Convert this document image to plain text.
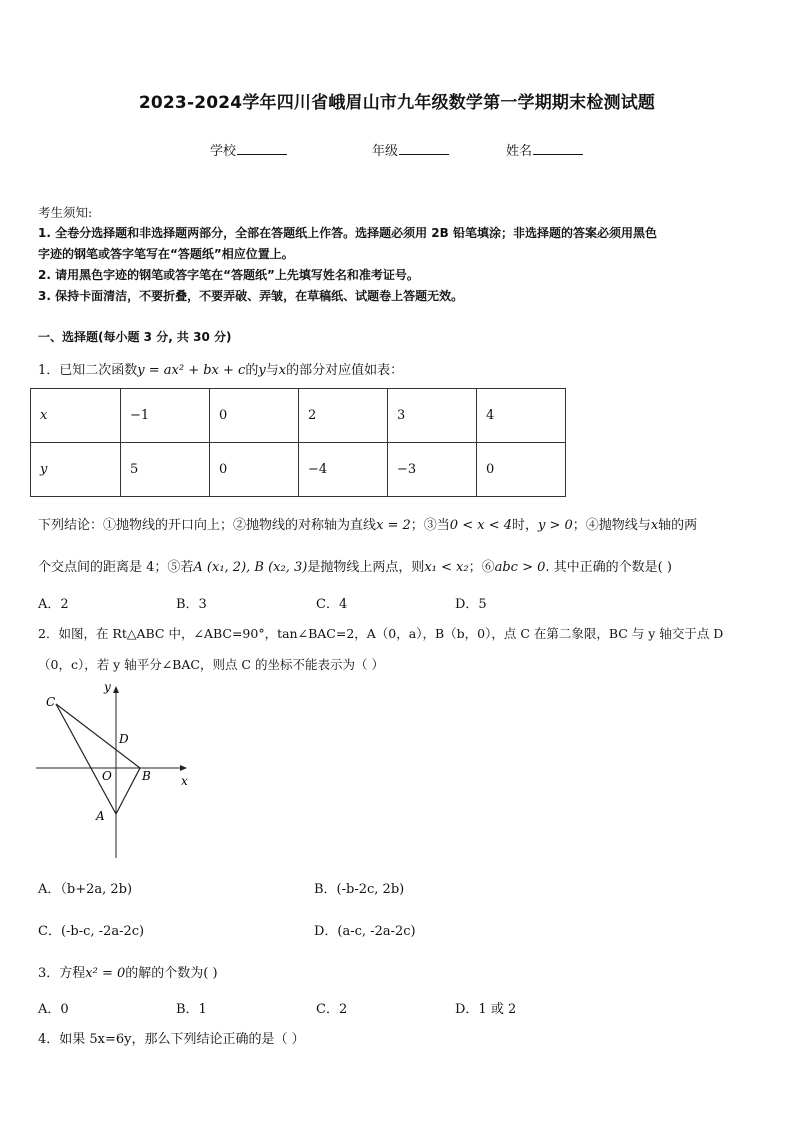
2023-2024学年四川省峨眉山市九年级数学第一学期期末检测试题
学校	年级	姓名
考生须知:
1. 全卷分选择题和非选择题两部分，全部在答题纸上作答。选择题必须用 2B 铅笔填涂；非选择题的答案必须用黑色
字迹的钢笔或答字笔写在“答题纸”相应位置上。
2. 请用黑色字迹的钢笔或答字笔在“答题纸”上先填写姓名和准考证号。
3. 保持卡面清洁，不要折叠，不要弄破、弄皱，在草稿纸、试题卷上答题无效。
一、选择题(每小题 3 分, 共 30 分)
1．已知二次函数y = ax² + bx + c的y与x的部分对应值如表：
x	−1	0	2	3	4
y	5	0	−4	−3	0
下列结论：①抛物线的开口向上；②抛物线的对称轴为直线x = 2；③当0 < x < 4时，y > 0；④抛物线与x轴的两
个交点间的距离是 4；⑤若A (x₁, 2), B (x₂, 3)是抛物线上两点，则x₁ < x₂；⑥abc > 0. 其中正确的个数是( )
A．2	B．3	C．4	D．5
2．如图，在 Rt△ABC 中，∠ABC=90°，tan∠BAC=2，A（0，a），B（b，0），点 C 在第二象限，BC 与 y 轴交于点 D
（0，c），若 y 轴平分∠BAC，则点 C 的坐标不能表示为（ ）
C
D
O	B
A
x
y
A．（b+2a, 2b)	B．(-b-2c, 2b)
C．(-b-c, -2a-2c)	D．(a-c, -2a-2c)
3．方程x² = 0的解的个数为( )
A．0	B．1	C．2	D．1 或 2
4．如果 5x=6y，那么下列结论正确的是（ ）
